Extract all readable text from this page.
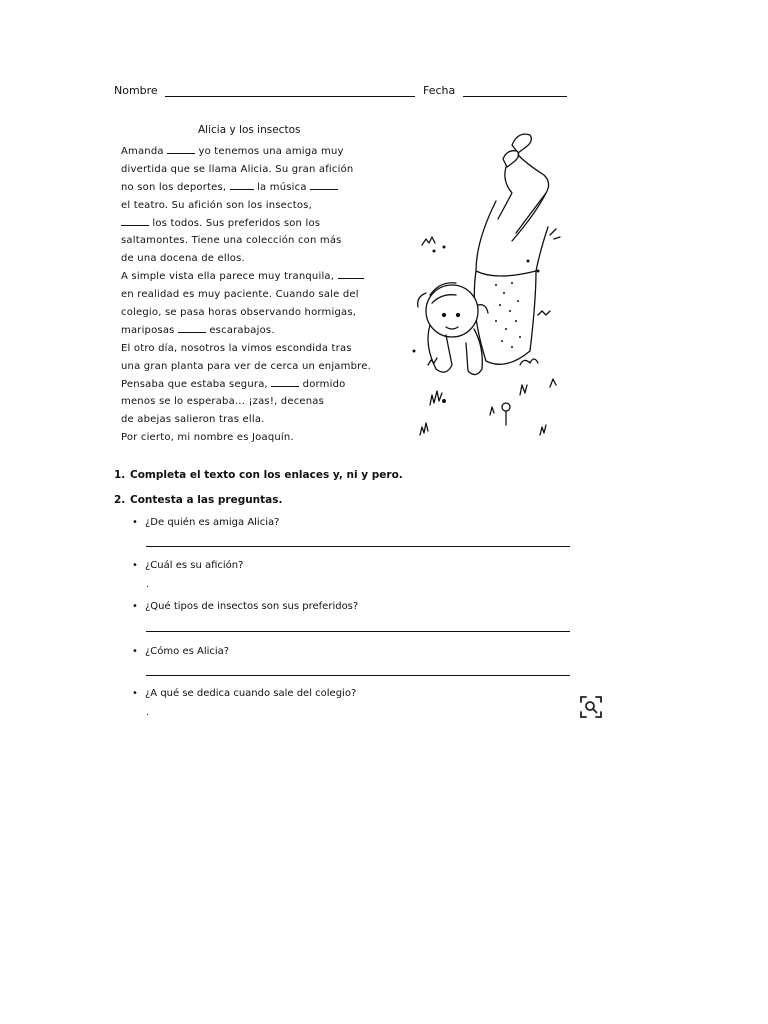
Nombre	Fecha
Alicia y los insectos
Amanda	yo tenemos una amiga muy
divertida que se llama Alicia. Su gran afición
no son los deportes,  la música
el teatro. Su afición son los insectos,
los todos. Sus preferidos son los
saltamontes. Tiene una colección con más
de una docena de ellos.
A simple vista ella parece muy tranquila,
en realidad es muy paciente. Cuando sale del
colegio, se pasa horas observando hormigas,
mariposas	escarabajos.
El otro día, nosotros la vimos escondida tras
una gran planta para ver de cerca un enjambre.
Pensaba que estaba segura,	dormido
menos se lo esperaba... ¡zas!, decenas
de abejas salieron tras ella.
Por cierto, mi nombre es Joaquín.
1. Completa el texto con los enlaces y, ni y pero.
2. Contesta a las preguntas.
• ¿De quién es amiga Alicia?
• ¿Cuál es su afición?
.
• ¿Qué tipos de insectos son sus preferidos?
• ¿Cómo es Alicia?
• ¿A qué se dedica cuando sale del colegio?
.
